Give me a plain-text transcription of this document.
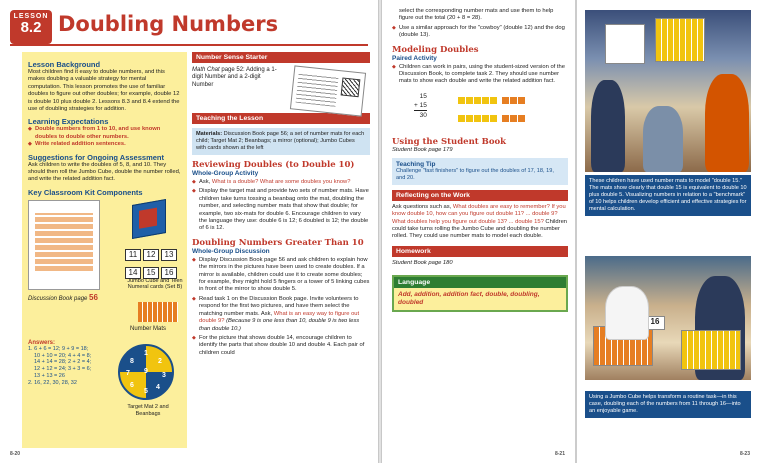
LESSON
8.2 Doubling Numbers
Lesson Background
Most children find it easy to double numbers, and this makes doubling a valuable strategy for mental computation. This lesson promotes the use of familiar doubles to figure out other doubles; for example, double 12 is double 10 plus double 2. Lessons 8.3 and 8.4 extend the use of doubling strategies for addition.
Learning Expectations
◆ Double numbers from 1 to 10, and use known doubles to double other numbers.
◆ Write related addition sentences.
Suggestions for Ongoing Assessment
Ask children to write the doubles of 5, 8, and 10. They should then roll the Jumbo Cube, double the number rolled, and write the related addition fact.
Key Classroom Kit Components
Discussion Book page 56
11 12 13
14 15 16
Jumbo Cube and Teen Numeral cards (Set B)
Number Mats
Answers:
1. 6 + 6 = 12; 9 + 9 = 18;
10 + 10 = 20; 4 + 4 = 8;
14 + 14 = 28; 2 + 2 = 4;
12 + 12 = 24; 3 + 3 = 6;
13 + 13 = 26
2. 16, 22, 30, 28, 32
1
2
3
4
5
6
7
8
9
Target Mat 2 and Beanbags
Number Sense Starter
Math Chat page 52: Adding a 1-digit Number and a 2-digit Number
Teaching the Lesson
Materials: Discussion Book page 56; a set of number mats for each child; Target Mat 2; Beanbags; a mirror (optional); Jumbo Cubes with cards shown at the left
Reviewing Doubles (to Double 10)
Whole-Group Activity
◆ Ask, What is a double? What are some doubles you know?
◆ Display the target mat and provide two sets of number mats. Have children take turns tossing a beanbag onto the mat, doubling the number, and selecting number mats that show that double; for example, two six-mats for double 6. Encourage children to vary the language they use: double 6 is 12; 6 doubled is 12; the double of 6 is 12.
Doubling Numbers Greater Than 10
Whole-Group Discussion
◆ Display Discussion Book page 56 and ask children to explain how the mirrors in the pictures have been used to create doubles. If a mirror is available, children could use it to create some doubles; for example, they might hold 5 fingers or a tower of 5 linking cubes in front of the mirror to show double 5.
◆ Read task 1 on the Discussion Book page. Invite volunteers to respond for the first two pictures, and have them select the matching number mats. Ask, What is an easy way to figure out double 9? (Because 9 is one less than 10, double 9 is two less than double 10.)
◆ For the picture that shows double 14, encourage children to identify the parts that show double 10 and double 4. Each pair of children could
8-20
select the corresponding number mats and use them to help figure out the total (20 + 8 = 28).
◆ Use a similar approach for the "cowboy" (double 12) and the dog (double 13).
Modeling Doubles
Paired Activity
◆ Children can work in pairs, using the student-sized version of the Discussion Book, to complete task 2. They should use number mats to show each double and write the related addition fact.
15
+ 15
30

Using the Student Book
Student Book page 179
Teaching Tip
Challenge "fast finishers" to figure out the doubles of 17, 18, 19, and 20.
Reflecting on the Work
Ask questions such as, What doubles are easy to remember? If you know double 10, how can you figure out double 11? ... double 9? What doubles help you figure out double 13? ... double 15? Children could take turns rolling the Jumbo Cube and doubling the number rolled. They could use number mats to model each double.
Homework
Student Book page 180
Language
Add, addition, addition fact, double, doubling, doubled
8-21
These children have used number mats to model "double 15." The mats show clearly that double 15 is equivalent to double 10 plus double 5. Visualizing numbers in relation to a "benchmark" of 10 helps children develop efficient and effective strategies for mental calculation.
16
Using a Jumbo Cube helps transform a routine task—in this case, doubling each of the numbers from 11 through 16—into an enjoyable game.
8-23
